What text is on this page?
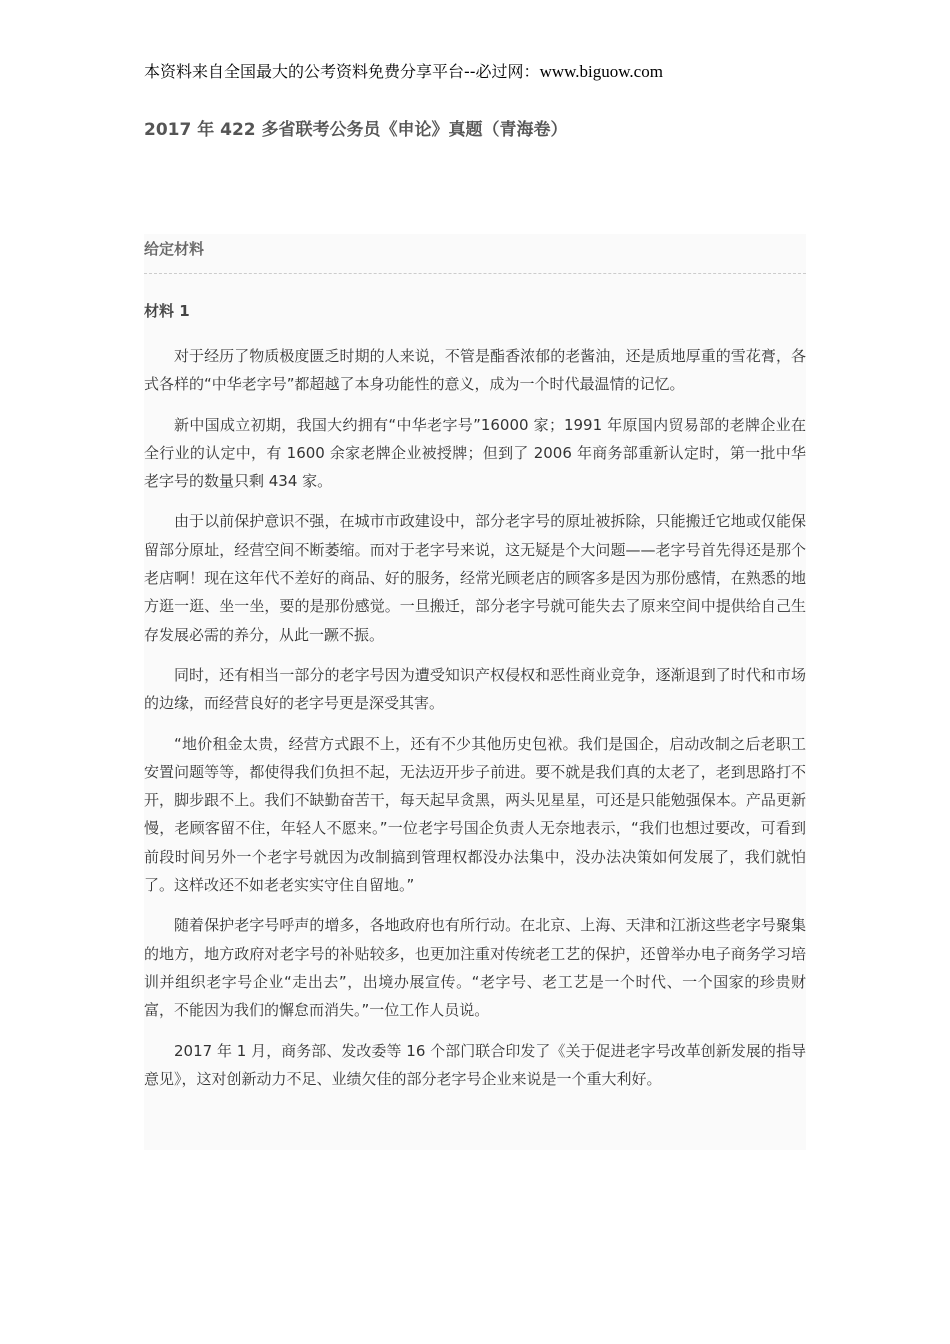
本资料来自全国最大的公考资料免费分享平台--必过网：www.biguow.com
2017 年 422 多省联考公务员《申论》真题（青海卷）
给定材料
材料 1

对于经历了物质极度匮乏时期的人来说，不管是酯香浓郁的老酱油，还是质地厚重的雪花膏，各式各样的“中华老字号”都超越了本身功能性的意义，成为一个时代最温情的记忆。

新中国成立初期，我国大约拥有“中华老字号”16000 家；1991 年原国内贸易部的老牌企业在全行业的认定中，有 1600 余家老牌企业被授牌；但到了 2006 年商务部重新认定时，第一批中华老字号的数量只剩 434 家。

由于以前保护意识不强，在城市市政建设中，部分老字号的原址被拆除，只能搬迁它地或仅能保留部分原址，经营空间不断萎缩。而对于老字号来说，这无疑是个大问题——老字号首先得还是那个老店啊！现在这年代不差好的商品、好的服务，经常光顾老店的顾客多是因为那份感情，在熟悉的地方逛一逛、坐一坐，要的是那份感觉。一旦搬迁，部分老字号就可能失去了原来空间中提供给自己生存发展必需的养分，从此一蹶不振。

同时，还有相当一部分的老字号因为遭受知识产权侵权和恶性商业竞争，逐渐退到了时代和市场的边缘，而经营良好的老字号更是深受其害。

“地价租金太贵，经营方式跟不上，还有不少其他历史包袱。我们是国企，启动改制之后老职工安置问题等等，都使得我们负担不起，无法迈开步子前进。要不就是我们真的太老了，老到思路打不开，脚步跟不上。我们不缺勤奋苦干，每天起早贪黑，两头见星星，可还是只能勉强保本。产品更新慢，老顾客留不住，年轻人不愿来。”一位老字号国企负责人无奈地表示，“我们也想过要改，可看到前段时间另外一个老字号就因为改制搞到管理权都没办法集中，没办法决策如何发展了，我们就怕了。这样改还不如老老实实守住自留地。”

随着保护老字号呼声的增多，各地政府也有所行动。在北京、上海、天津和江浙这些老字号聚集的地方，地方政府对老字号的补贴较多，也更加注重对传统老工艺的保护，还曾举办电子商务学习培训并组织老字号企业“走出去”，出境办展宣传。“老字号、老工艺是一个时代、一个国家的珍贵财富，不能因为我们的懈怠而消失。”一位工作人员说。

2017 年 1 月，商务部、发改委等 16 个部门联合印发了《关于促进老字号改革创新发展的指导意见》，这对创新动力不足、业绩欠佳的部分老字号企业来说是一个重大利好。
